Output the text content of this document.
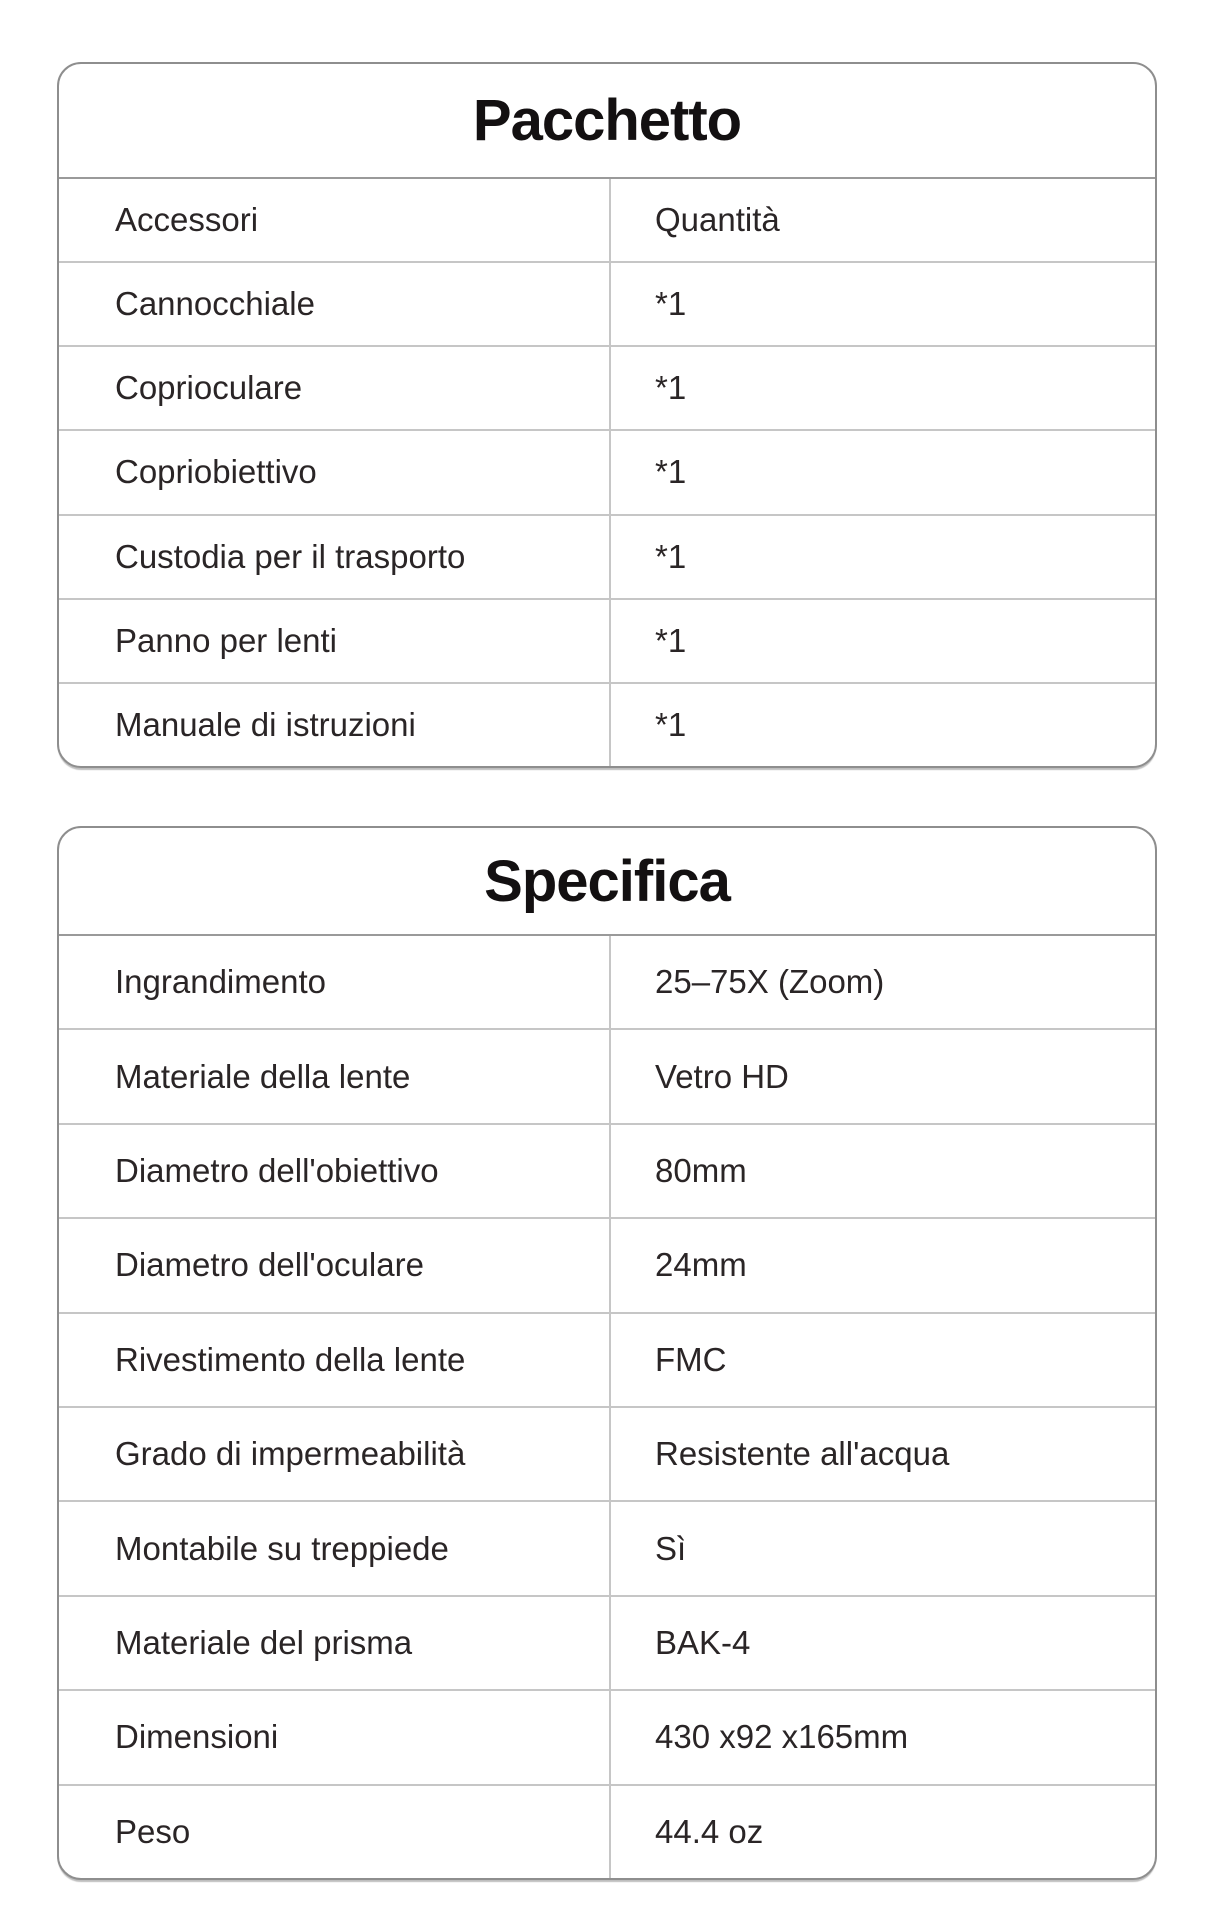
Pacchetto
Accessori	Quantità
Cannocchiale	*1
Coprioculare	*1
Copriobiettivo	*1
Custodia per il trasporto	*1
Panno per lenti	*1
Manuale di istruzioni	*1
Specifica
Ingrandimento	25–75X (Zoom)
Materiale della lente	Vetro HD
Diametro dell'obiettivo	80mm
Diametro dell'oculare	24mm
Rivestimento della lente	FMC
Grado di impermeabilità	Resistente all'acqua
Montabile su treppiede	Sì
Materiale del prisma	BAK-4
Dimensioni	430 x92 x165mm
Peso	44.4 oz
